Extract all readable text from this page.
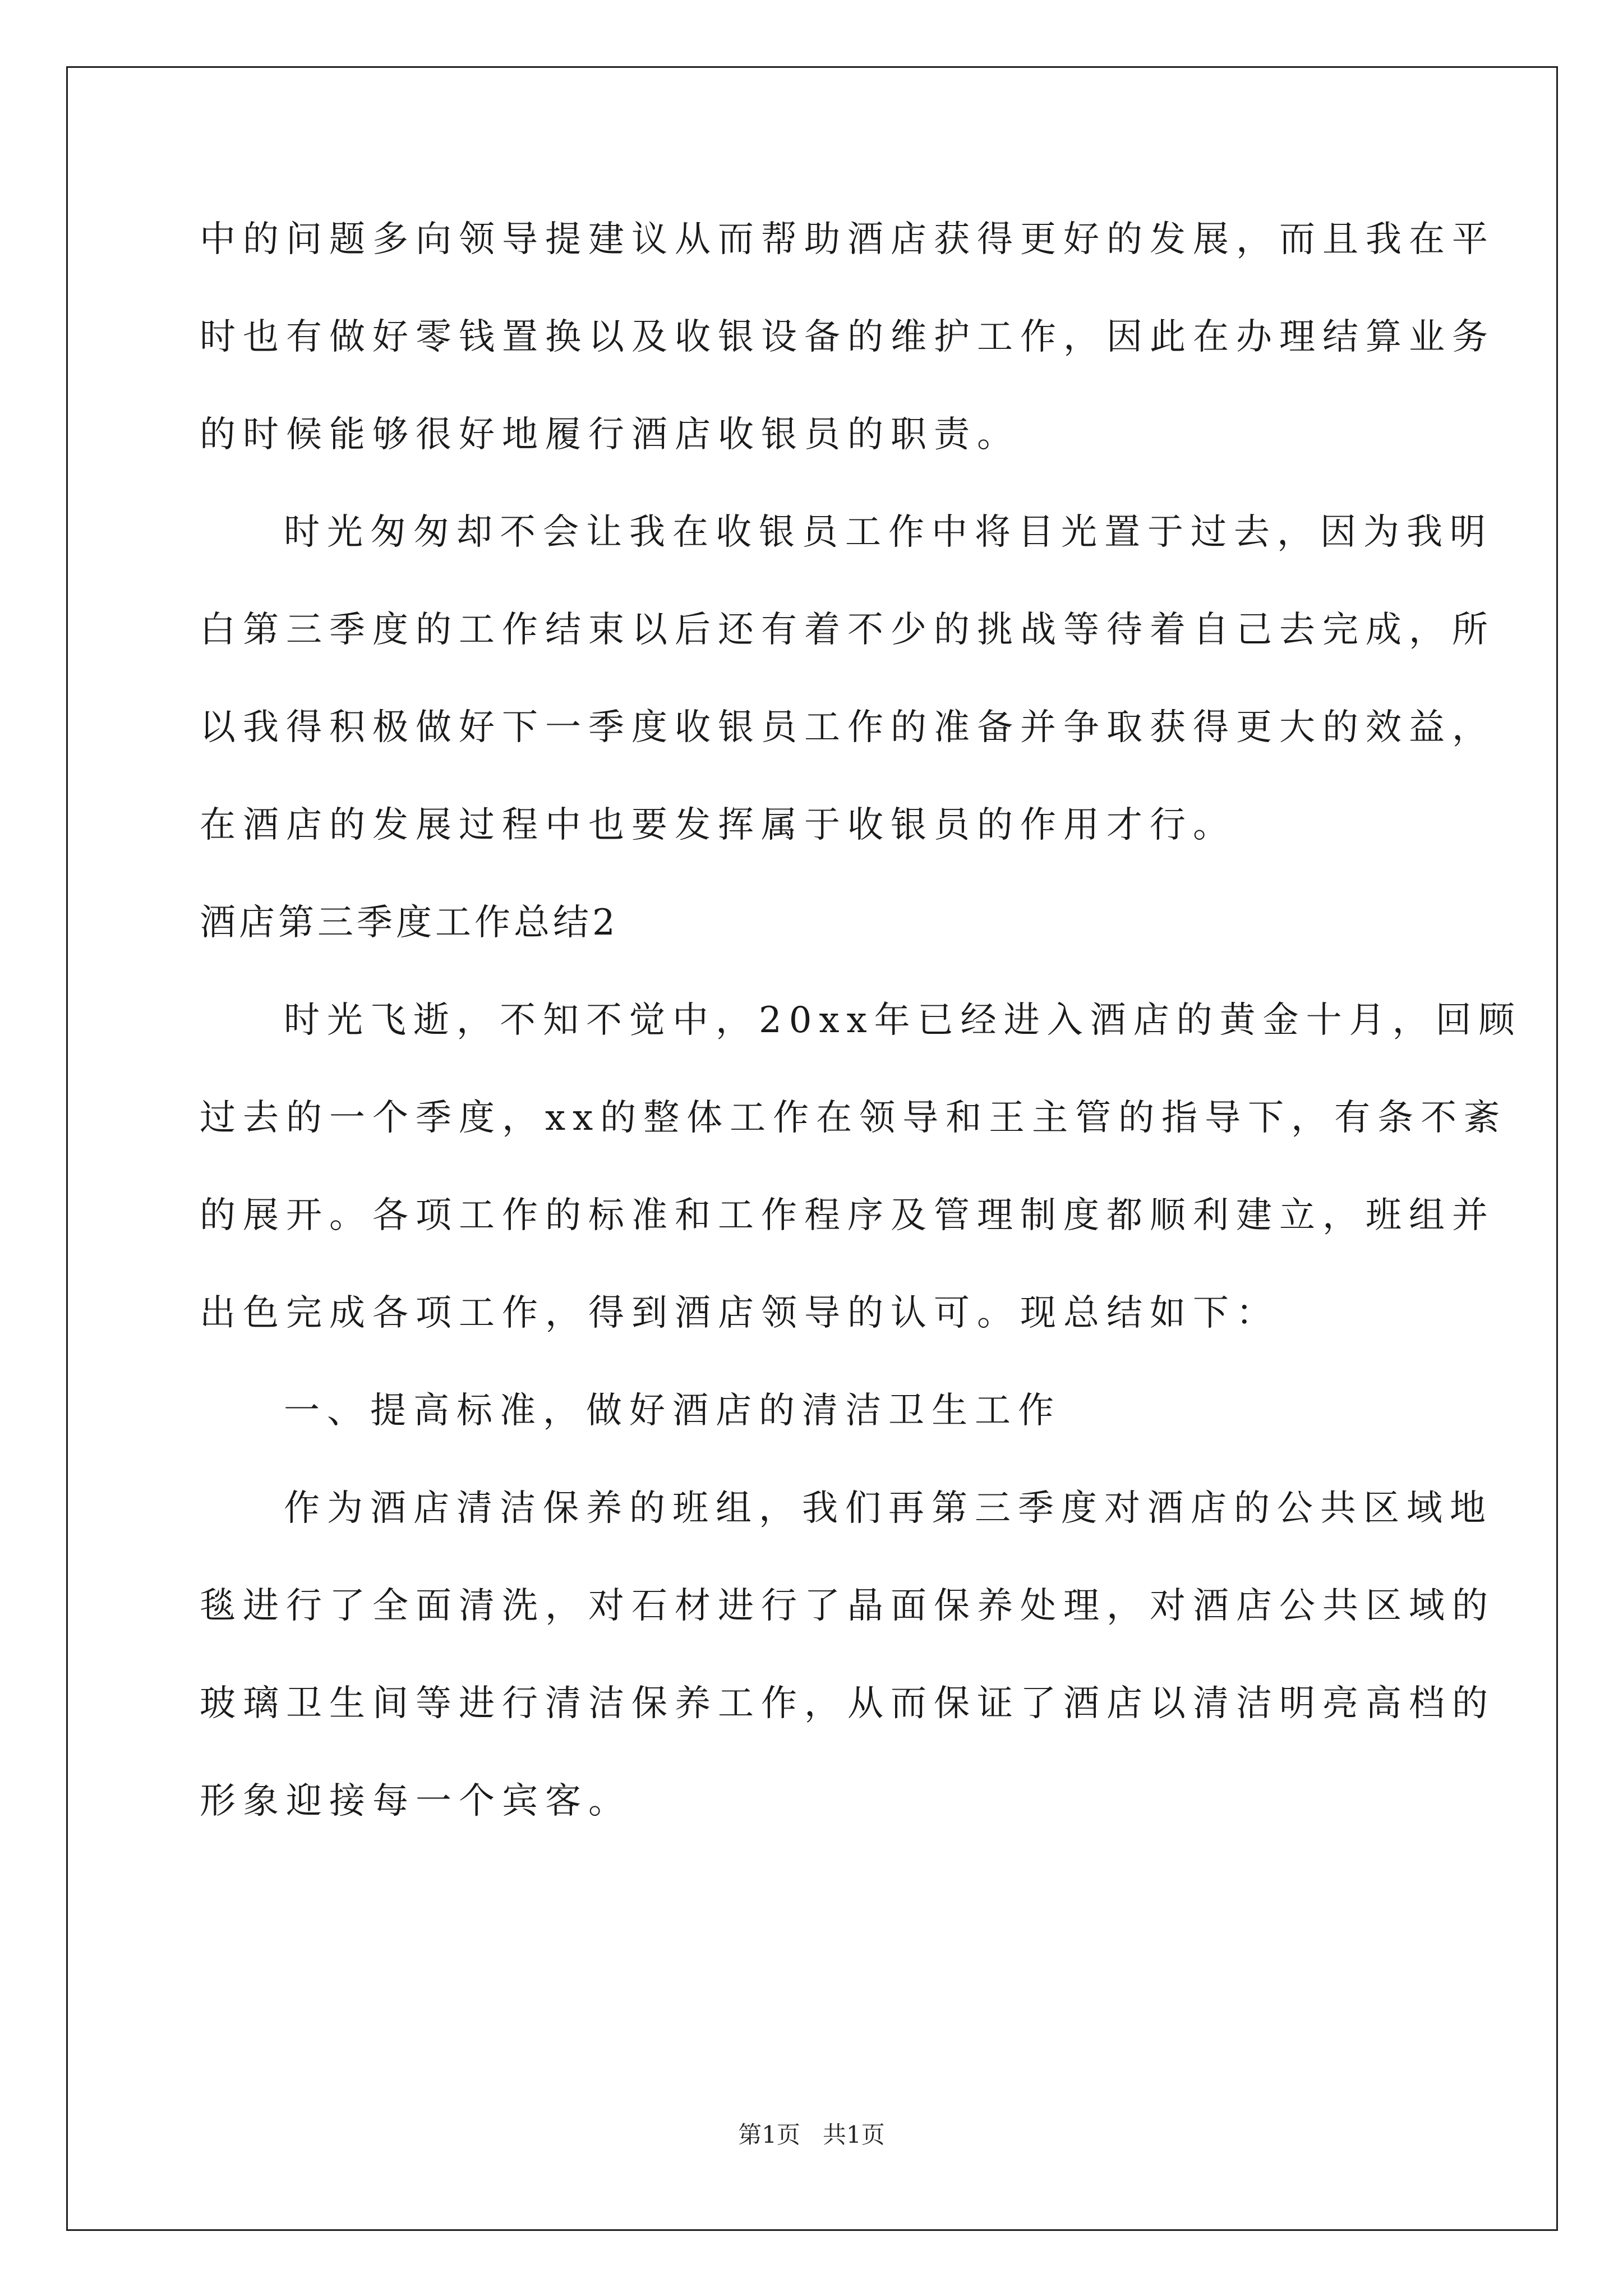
中的问题多向领导提建议从而帮助酒店获得更好的发展，而且我在平
时也有做好零钱置换以及收银设备的维护工作，因此在办理结算业务
的时候能够很好地履行酒店收银员的职责。
时光匆匆却不会让我在收银员工作中将目光置于过去，因为我明
白第三季度的工作结束以后还有着不少的挑战等待着自己去完成，所
以我得积极做好下一季度收银员工作的准备并争取获得更大的效益，
在酒店的发展过程中也要发挥属于收银员的作用才行。
酒店第三季度工作总结2
时光飞逝，不知不觉中，20xx年已经进入酒店的黄金十月，回顾
过去的一个季度，xx的整体工作在领导和王主管的指导下，有条不紊
的展开。各项工作的标准和工作程序及管理制度都顺利建立，班组并
出色完成各项工作，得到酒店领导的认可。现总结如下：
一、提高标准，做好酒店的清洁卫生工作
作为酒店清洁保养的班组，我们再第三季度对酒店的公共区域地
毯进行了全面清洗，对石材进行了晶面保养处理，对酒店公共区域的
玻璃卫生间等进行清洁保养工作，从而保证了酒店以清洁明亮高档的
形象迎接每一个宾客。
第1页   共1页
